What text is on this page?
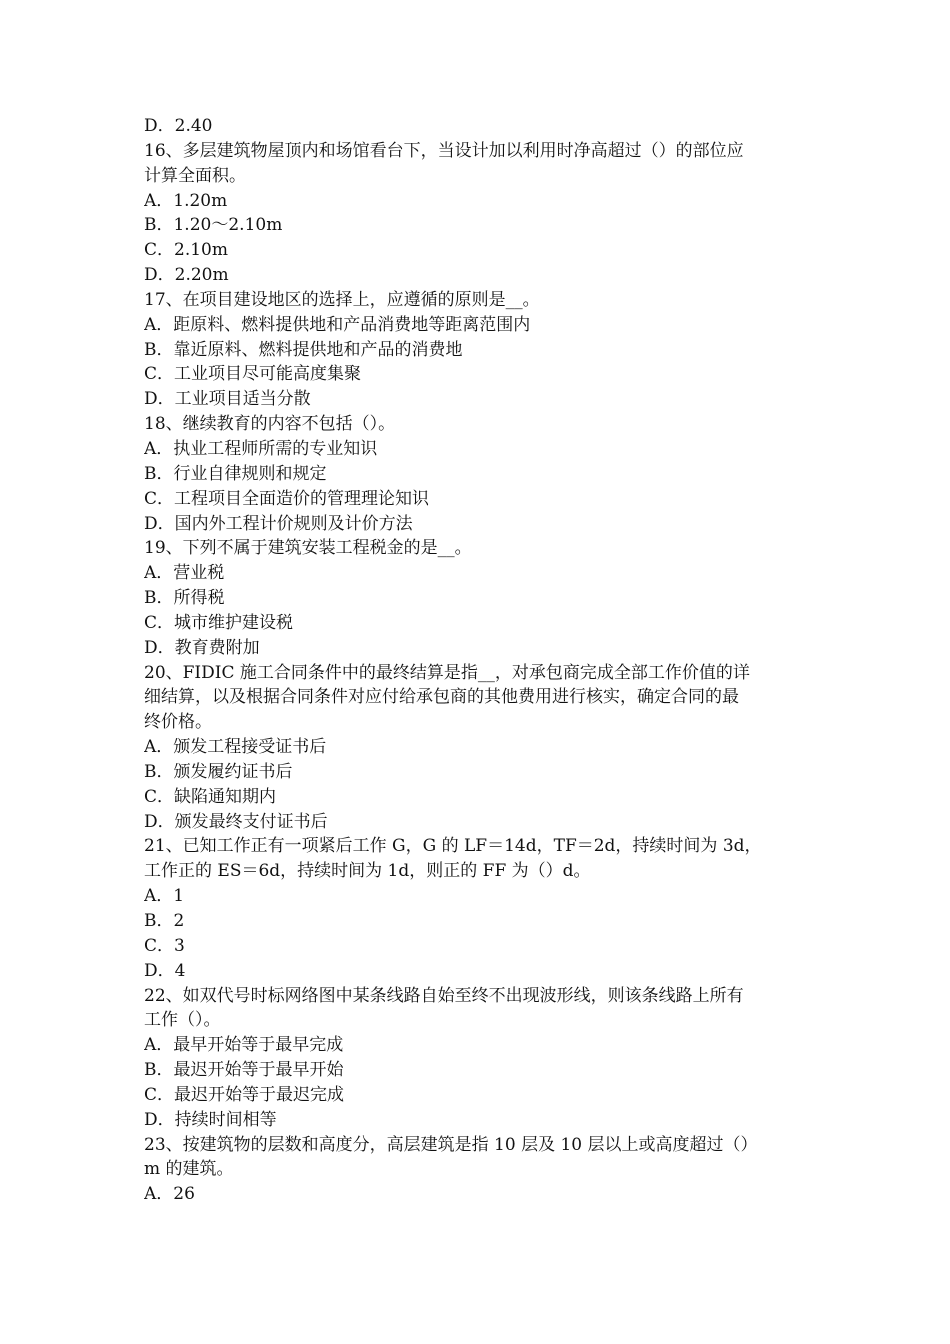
D．2.40
16、多层建筑物屋顶内和场馆看台下，当设计加以利用时净高超过（）的部位应
计算全面积。
A．1.20m
B．1.20～2.10m
C．2.10m
D．2.20m
17、在项目建设地区的选择上，应遵循的原则是__。
A．距原料、燃料提供地和产品消费地等距离范围内
B．靠近原料、燃料提供地和产品的消费地
C．工业项目尽可能高度集聚
D．工业项目适当分散
18、继续教育的内容不包括（）。
A．执业工程师所需的专业知识
B．行业自律规则和规定
C．工程项目全面造价的管理理论知识
D．国内外工程计价规则及计价方法
19、下列不属于建筑安装工程税金的是__。
A．营业税
B．所得税
C．城市维护建设税
D．教育费附加
20、FIDIC 施工合同条件中的最终结算是指__，对承包商完成全部工作价值的详
细结算，以及根据合同条件对应付给承包商的其他费用进行核实，确定合同的最
终价格。
A．颁发工程接受证书后
B．颁发履约证书后
C．缺陷通知期内
D．颁发最终支付证书后
21、已知工作正有一项紧后工作 G，G 的 LF＝14d，TF＝2d，持续时间为 3d，
工作正的 ES＝6d，持续时间为 1d，则正的 FF 为（）d。
A．1
B．2
C．3
D．4
22、如双代号时标网络图中某条线路自始至终不出现波形线，则该条线路上所有
工作（）。
A．最早开始等于最早完成
B．最迟开始等于最早开始
C．最迟开始等于最迟完成
D．持续时间相等
23、按建筑物的层数和高度分，高层建筑是指 10 层及 10 层以上或高度超过（）
m 的建筑。
A．26
